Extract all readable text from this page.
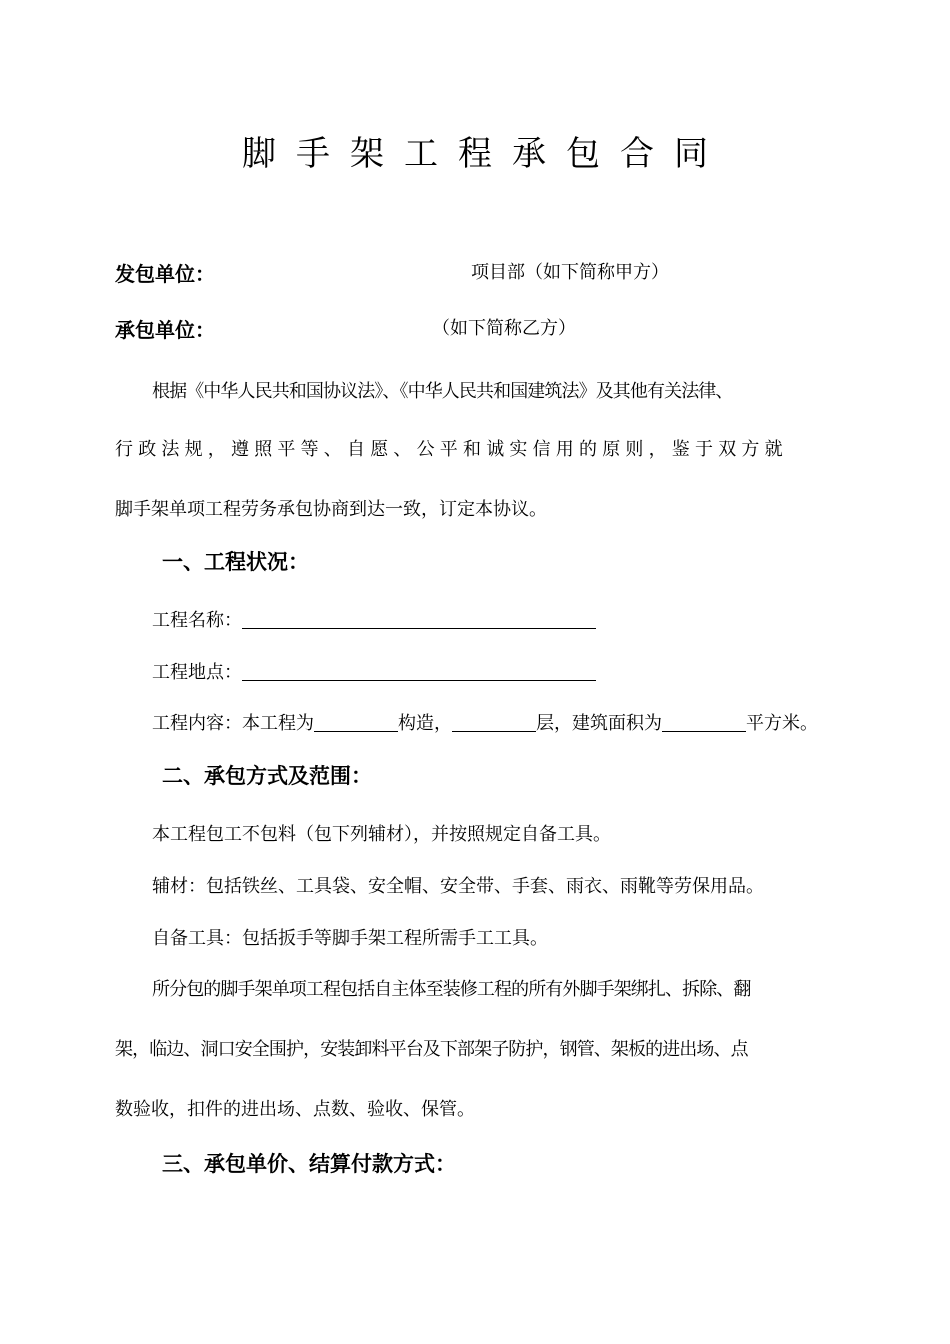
脚手架工程承包合同
发包单位：	项目部（如下简称甲方）
承包单位：	（如下简称乙方）
根据《中华人民共和国协议法》、《中华人民共和国建筑法》及其他有关法律、
行政法规，遵照平等、自愿、公平和诚实信用的原则，鉴于双方就
脚手架单项工程劳务承包协商到达一致，订定本协议。
一、工程状况：
工程名称：
工程地点：
工程内容：本工程为	构造，	层，建筑面积为	平方米。
二、承包方式及范围：
本工程包工不包料（包下列辅材），并按照规定自备工具。
辅材：包括铁丝、工具袋、安全帽、安全带、手套、雨衣、雨靴等劳保用品。
自备工具：包括扳手等脚手架工程所需手工工具。
所分包的脚手架单项工程包括自主体至装修工程的所有外脚手架绑扎、拆除、翻
架，临边、洞口安全围护，安装卸料平台及下部架子防护，钢管、架板的进出场、点
数验收，扣件的进出场、点数、验收、保管。
三、承包单价、结算付款方式：
